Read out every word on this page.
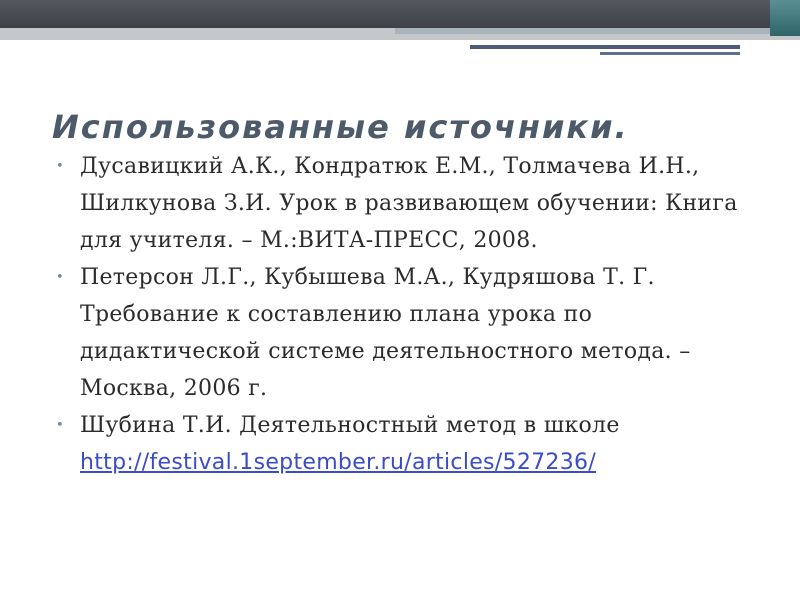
Использованные источники.
• Дусавицкий А.К., Кондратюк Е.М., Толмачева И.Н., Шилкунова З.И. Урок в развивающем обучении: Книга для учителя. – М.:ВИТА-ПРЕСС, 2008.
• Петерсон Л.Г., Кубышева М.А., Кудряшова Т. Г. Требование к составлению плана урока по дидактической системе деятельностного метода. – Москва, 2006 г.
• Шубина Т.И. Деятельностный метод в школе http://festival.1september.ru/articles/527236/
